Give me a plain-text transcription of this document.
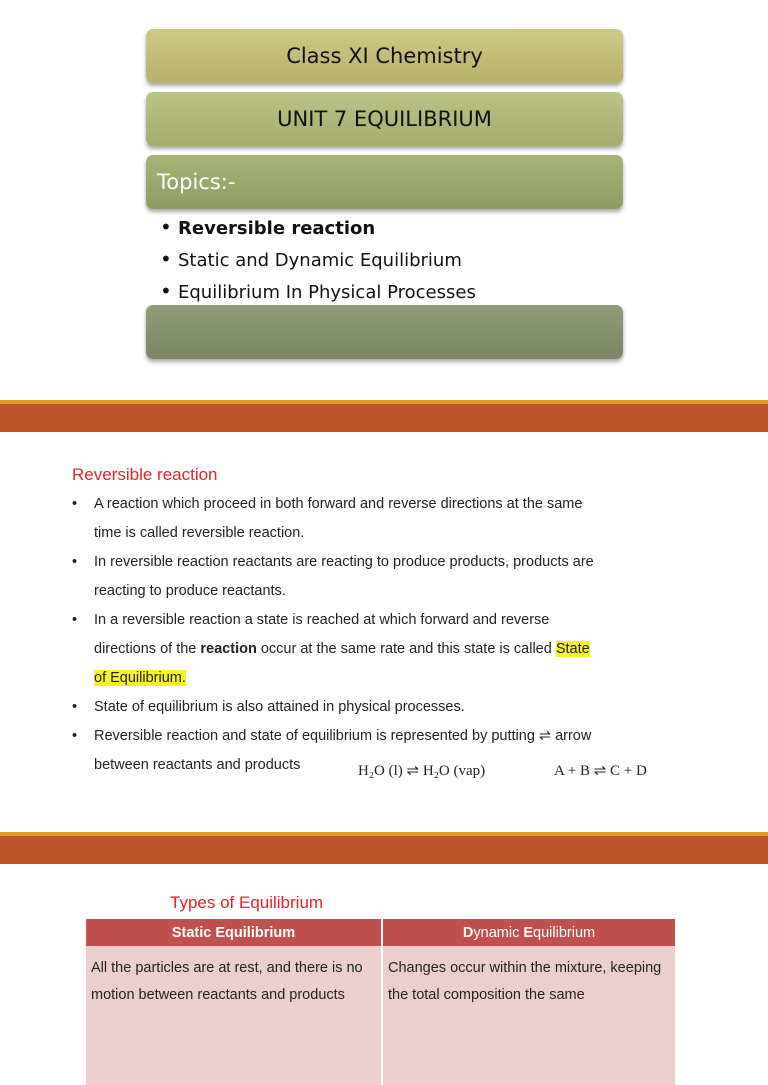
Class XI Chemistry
UNIT 7 EQUILIBRIUM
Topics:-
• Reversible reaction
• Static and Dynamic Equilibrium
• Equilibrium In Physical Processes
Reversible reaction
• A reaction which proceed in both forward and reverse directions at the same
time is called reversible reaction.
• In reversible reaction reactants are reacting to produce products, products are
reacting to produce reactants.
• In a reversible reaction a state is reached at which forward and reverse
directions of the reaction occur at the same rate and this state is called State
of Equilibrium.
• State of equilibrium is also attained in physical processes.
• Reversible reaction and state of equilibrium is represented by putting ⇌ arrow
between reactants and products	H₂O (l) ⇌ H₂O (vap)	A + B ⇌ C + D
Types of Equilibrium
Static Equilibrium	Dynamic Equilibrium
All the particles are at rest, and there is no motion between reactants and products	Changes occur within the mixture, keeping the total composition the same
